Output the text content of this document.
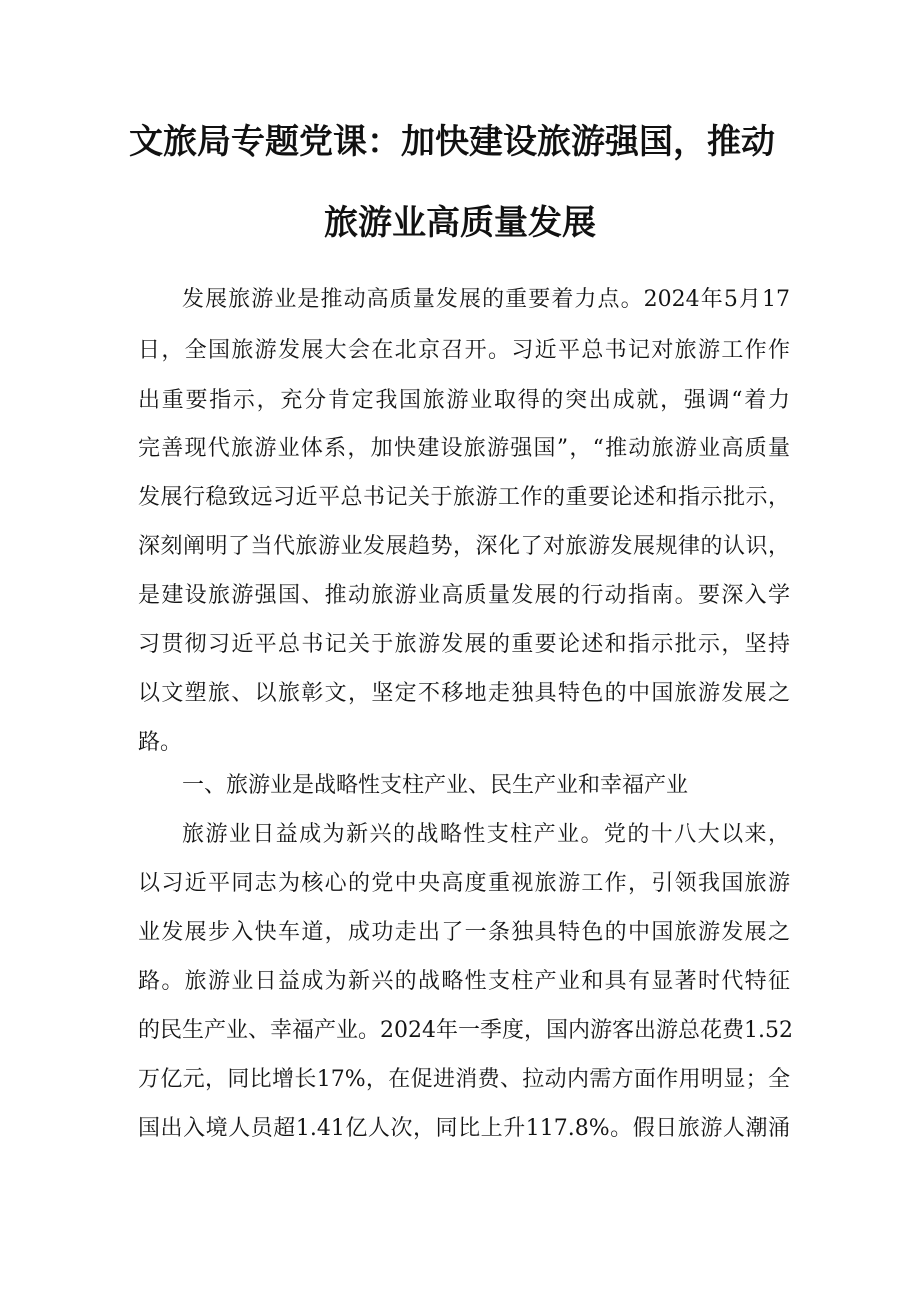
文旅局专题党课：加快建设旅游强国，推动
旅游业高质量发展
发展旅游业是推动高质量发展的重要着力点。2024年5月17
日，全国旅游发展大会在北京召开。习近平总书记对旅游工作作
出重要指示，充分肯定我国旅游业取得的突出成就，强调“着力
完善现代旅游业体系，加快建设旅游强国”，“推动旅游业高质量
发展行稳致远习近平总书记关于旅游工作的重要论述和指示批示，
深刻阐明了当代旅游业发展趋势，深化了对旅游发展规律的认识，
是建设旅游强国、推动旅游业高质量发展的行动指南。要深入学
习贯彻习近平总书记关于旅游发展的重要论述和指示批示，坚持
以文塑旅、以旅彰文，坚定不移地走独具特色的中国旅游发展之
路。
一、旅游业是战略性支柱产业、民生产业和幸福产业
旅游业日益成为新兴的战略性支柱产业。党的十八大以来，
以习近平同志为核心的党中央高度重视旅游工作，引领我国旅游
业发展步入快车道，成功走出了一条独具特色的中国旅游发展之
路。旅游业日益成为新兴的战略性支柱产业和具有显著时代特征
的民生产业、幸福产业。2024年一季度，国内游客出游总花费1.52
万亿元，同比增长17%，在促进消费、拉动内需方面作用明显；全
国出入境人员超1.41亿人次，同比上升117.8%。假日旅游人潮涌
